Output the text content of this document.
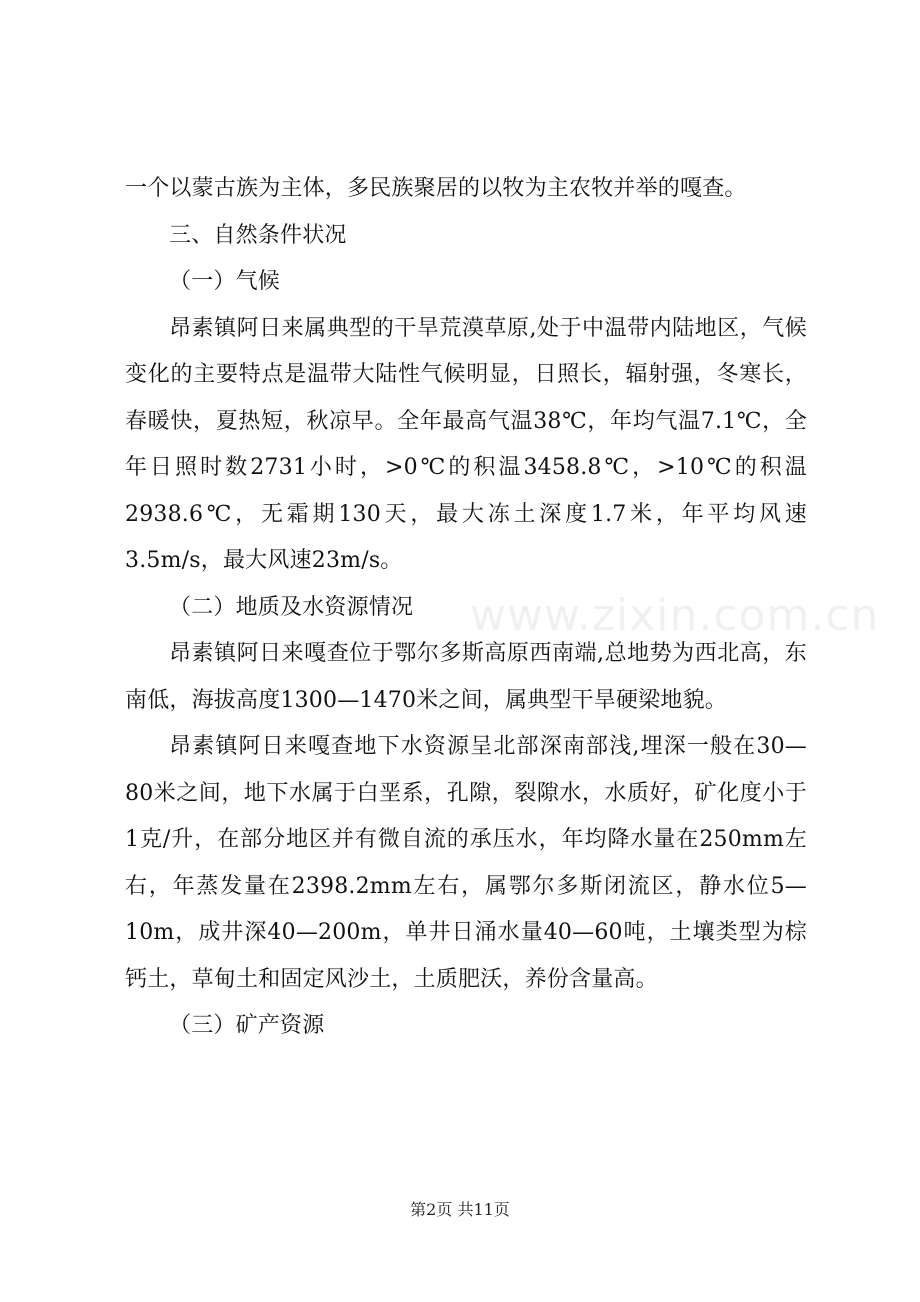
www.zixin.com.cn

一个以蒙古族为主体，多民族聚居的以牧为主农牧并举的嘎查。

三、自然条件状况

（一）气候

昂素镇阿日来属典型的干旱荒漠草原,处于中温带内陆地区，气候变化的主要特点是温带大陆性气候明显，日照长，辐射强，冬寒长，春暖快，夏热短，秋凉早。全年最高气温38℃，年均气温7.1℃，全年日照时数2731小时，>0℃的积温3458.8℃，>10℃的积温2938.6℃，无霜期130天，最大冻土深度1.7米，年平均风速3.5m/s，最大风速23m/s。

（二）地质及水资源情况

昂素镇阿日来嘎查位于鄂尔多斯高原西南端,总地势为西北高，东南低，海拔高度1300—1470米之间，属典型干旱硬梁地貌。

昂素镇阿日来嘎查地下水资源呈北部深南部浅,埋深一般在30—80米之间，地下水属于白垩系，孔隙，裂隙水，水质好，矿化度小于1克/升，在部分地区并有微自流的承压水，年均降水量在250mm左右，年蒸发量在2398.2mm左右，属鄂尔多斯闭流区，静水位5—10m，成井深40—200m，单井日涌水量40—60吨，土壤类型为棕钙土，草甸土和固定风沙土，土质肥沃，养份含量高。

（三）矿产资源

第2页 共11页
